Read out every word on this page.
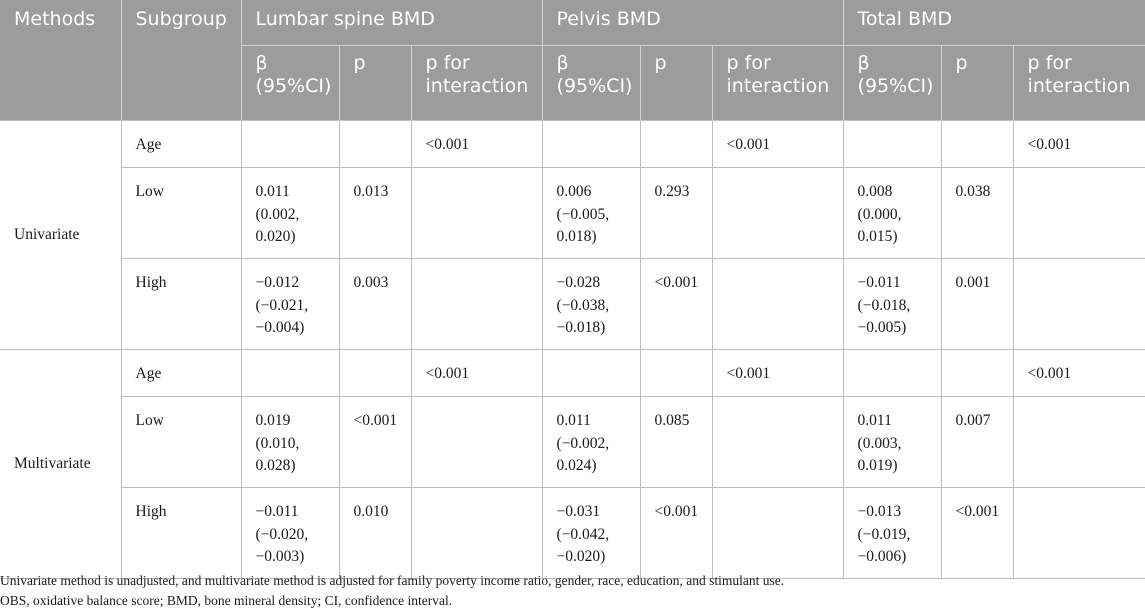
Methods	Subgroup	Lumbar spine BMD			Pelvis BMD			Total BMD		
		β (95%CI)	p	p for interaction	β (95%CI)	p	p for interaction	β (95%CI)	p	p for interaction
Univariate	Age			<0.001			<0.001			<0.001
	Low	0.011 (0.002, 0.020)	0.013		0.006 (−0.005, 0.018)	0.293		0.008 (0.000, 0.015)	0.038	
	High	−0.012 (−0.021, −0.004)	0.003		−0.028 (−0.038, −0.018)	<0.001		−0.011 (−0.018, −0.005)	0.001	
Multivariate	Age			<0.001			<0.001			<0.001
	Low	0.019 (0.010, 0.028)	<0.001		0.011 (−0.002, 0.024)	0.085		0.011 (0.003, 0.019)	0.007	
	High	−0.011 (−0.020, −0.003)	0.010		−0.031 (−0.042, −0.020)	<0.001		−0.013 (−0.019, −0.006)	<0.001	

Univariate method is unadjusted, and multivariate method is adjusted for family poverty income ratio, gender, race, education, and stimulant use.

OBS, oxidative balance score; BMD, bone mineral density; CI, confidence interval.
